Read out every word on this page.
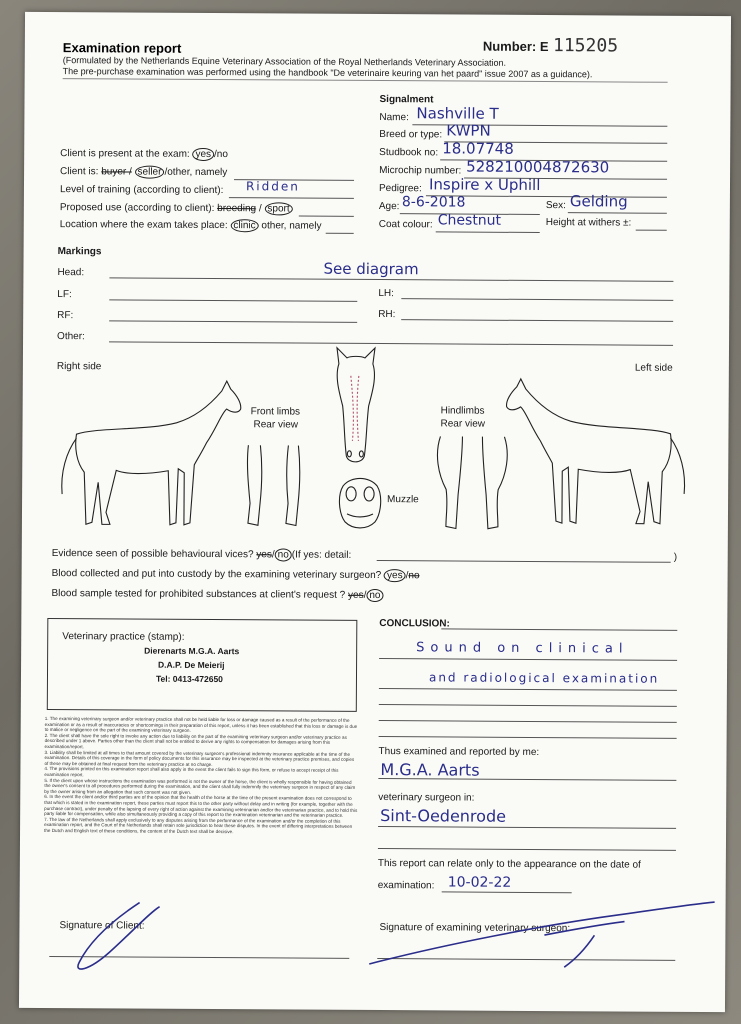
Examination report
(Formulated by the Netherlands Equine Veterinary Association of the Royal Netherlands Veterinary Association.
The pre-purchase examination was performed using the handbook "De veterinaire keuring van het paard" issue 2007 as a guidance).
Number: E 115205
Signalment
Name: Nashville T
Breed or type: KWPN
Studbook no: 18.07748
Microchip number: 528210004872630
Pedigree: Inspire x Uphill
Age: 8-6-2018	Sex: Gelding
Coat colour: Chestnut	Height at withers ±:
Client is present at the exam: yes /no
Client is: buyer / seller /other, namely
Level of training (according to client): Ridden
Proposed use (according to client): breeding / sport
Location where the exam takes place: clinic other, namely
Markings
Head:	See diagram
LF:	LH:
RF:	RH:
Other:
Right side	Left side
Front limbs
Rear view
Hindlimbs
Rear view
Muzzle
Evidence seen of possible behavioural vices? yes/ no (If yes: detail:	)
Blood collected and put into custody by the examining veterinary surgeon? yes /no
Blood sample tested for prohibited substances at client's request ? yes/ no
Veterinary practice (stamp):
Dierenarts M.G.A. Aarts
D.A.P. De Meierij
Tel: 0413-472650
1. The examining veterinary surgeon and/or veterinary practice shall not be held liable for loss or damage caused as a result of the performance of the examination or as a result of inaccuracies or shortcomings in their preparation of this report, unless it has been established that this loss or damage is due to malice or negligence on the part of the examining veterinary surgeon.
2. The client shall have the sole right to invoke any action due to liability on the part of the examining veterinary surgeon and/or veterinary practice as described under 1 above. Parties other than the client shall not be entitled to derive any rights to compensation for damages arising from this examination/report.
3. Liability shall be limited at all times to that amount covered by the veterinary surgeon's professional indemnity insurance applicable at the time of the examination. Details of this coverage in the form of policy documents for this insurance may be inspected at the veterinary practice premises, and copies of these may be obtained at final request from the veterinary practice at no charge.
4. The provisions printed on this examination report shall also apply in the event the client fails to sign this form, or refuse to accept receipt of this examination report.
5. If the client upon whose instructions the examination was performed is not the owner of the horse, the client is wholly responsible for having obtained the owner's consent to all procedures performed during the examination, and the client shall fully indemnify the veterinary surgeon in respect of any claim by the owner arising from an allegation that such consent was not given.
6. In the event the client and/or third parties are of the opinion that the health of the horse at the time of the present examination does not correspond to that which is stated in the examination report, these parties must report this to the other party without delay and in writing (for example, together with the purchase contract), under penalty of the lapsing of every right of action against the examining veterinarian and/or the veterinarian practice, and to hold this party liable for compensation, while also simultaneously providing a copy of this report to the examination veterinarian and the veterinarian practice.
7. The law of the Netherlands shall apply exclusively to any disputes arising from the performance of the examination and/or the completion of this examination report, and the Court of the Netherlands shall retain sole jurisdiction to hear these disputes. In the event of differing interpretations between the Dutch and English text of these conditions, the content of the Dutch text shall be decisive.
CONCLUSION:
Sound on clinical
and radiological examination
Thus examined and reported by me:
M.G.A. Aarts
veterinary surgeon in:
Sint-Oedenrode
This report can relate only to the appearance on the date of
examination: 10-02-22
Signature of Client:	Signature of examining veterinary surgeon:
